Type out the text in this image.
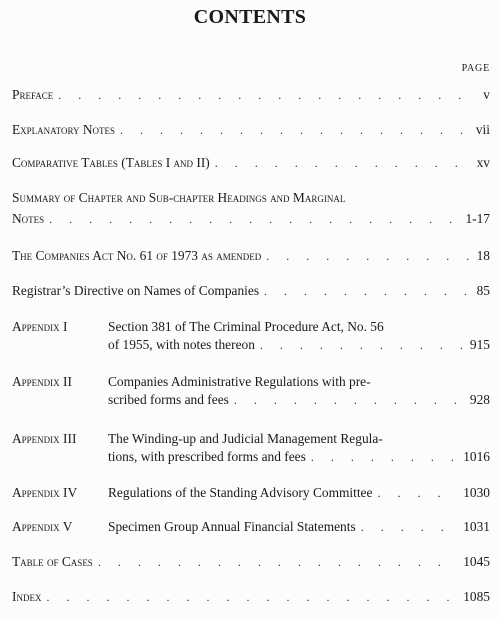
CONTENTS
PAGE
Preface . . .	v
Explanatory Notes . . .	vii
Comparative Tables (Tables I and II) . . .	xv
Summary of Chapter and Sub-chapter Headings and Marginal
Notes . . .	1-17
The Companies Act No. 61 of 1973 as amended . . .	18
Registrar’s Directive on Names of Companies . . .	85
Appendix I	Section 381 of The Criminal Procedure Act, No. 56
of 1955, with notes thereon . . .	915
Appendix II	Companies Administrative Regulations with pre-
scribed forms and fees . . .	928
Appendix III	The Winding-up and Judicial Management Regula-
tions, with prescribed forms and fees . . .	1016
Appendix IV	Regulations of the Standing Advisory Committee . . .	1030
Appendix V	Specimen Group Annual Financial Statements . . .	1031
Table of Cases . . .	1045
Index . . .	1085
